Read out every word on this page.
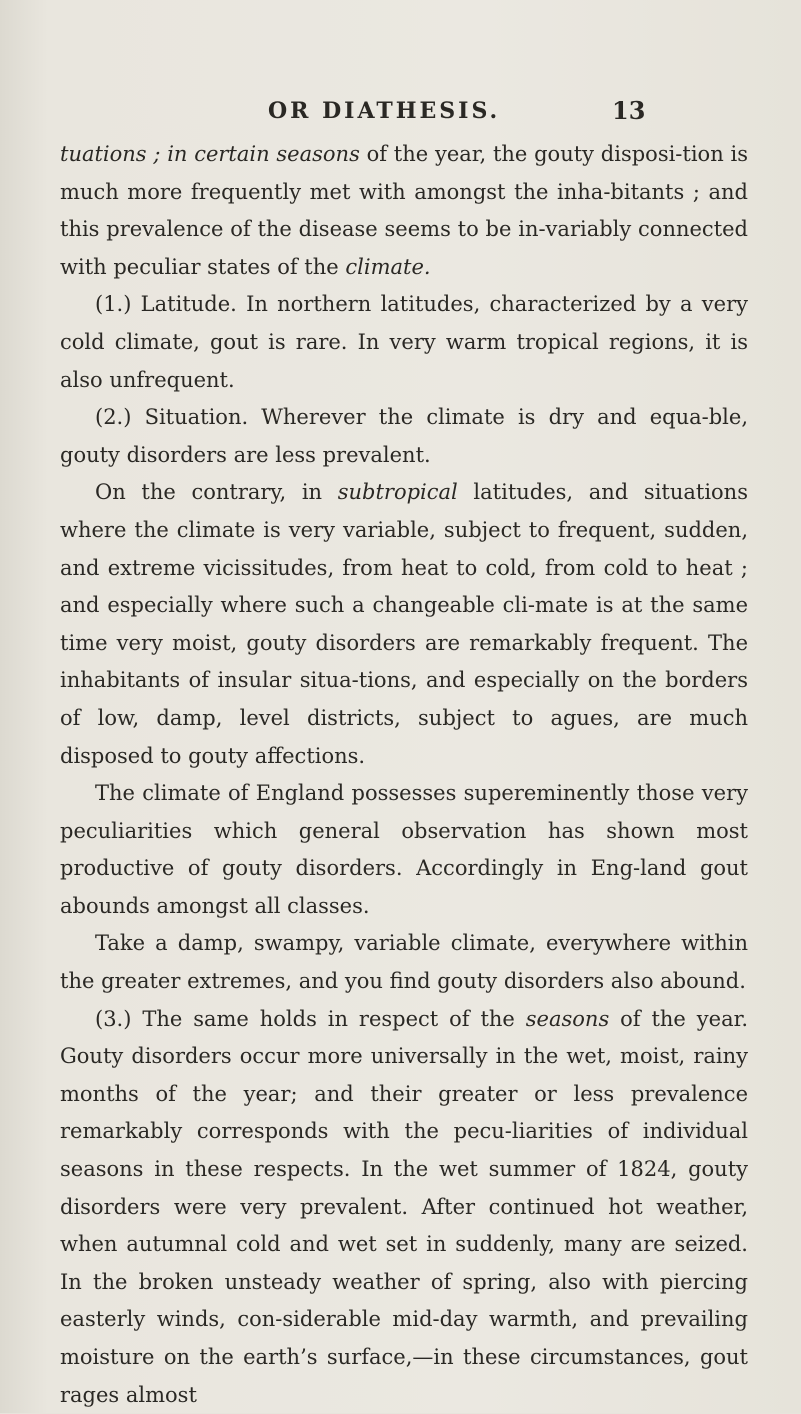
OR DIATHESIS.	13

tuations ; in certain seasons of the year, the gouty disposi-tion is much more frequently met with amongst the inha-bitants ; and this prevalence of the disease seems to be in-variably connected with peculiar states of the climate.

(1.) Latitude. In northern latitudes, characterized by a very cold climate, gout is rare. In very warm tropical regions, it is also unfrequent.

(2.) Situation. Wherever the climate is dry and equa-ble, gouty disorders are less prevalent.

On the contrary, in subtropical latitudes, and situations where the climate is very variable, subject to frequent, sudden, and extreme vicissitudes, from heat to cold, from cold to heat ; and especially where such a changeable cli-mate is at the same time very moist, gouty disorders are remarkably frequent. The inhabitants of insular situa-tions, and especially on the borders of low, damp, level districts, subject to agues, are much disposed to gouty affections.

The climate of England possesses supereminently those very peculiarities which general observation has shown most productive of gouty disorders. Accordingly in Eng-land gout abounds amongst all classes.

Take a damp, swampy, variable climate, everywhere within the greater extremes, and you find gouty disorders also abound.

(3.) The same holds in respect of the seasons of the year. Gouty disorders occur more universally in the wet, moist, rainy months of the year; and their greater or less prevalence remarkably corresponds with the pecu-liarities of individual seasons in these respects. In the wet summer of 1824, gouty disorders were very prevalent. After continued hot weather, when autumnal cold and wet set in suddenly, many are seized. In the broken unsteady weather of spring, also with piercing easterly winds, con-siderable mid-day warmth, and prevailing moisture on the earth’s surface,—in these circumstances, gout rages almost
